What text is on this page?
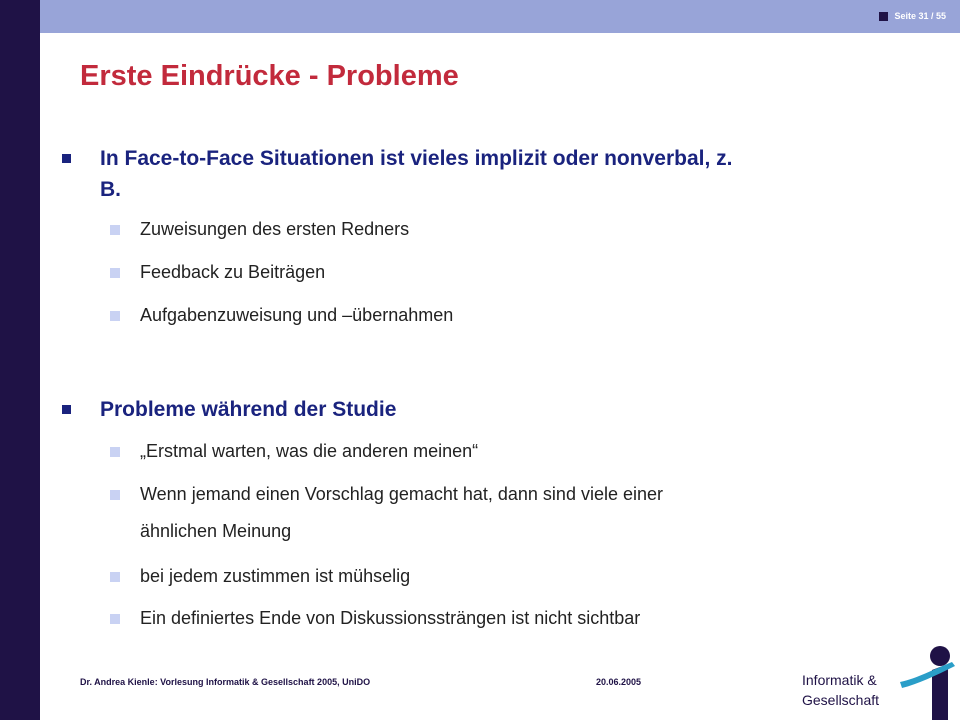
Seite 31 / 55
Erste Eindrücke - Probleme
In Face-to-Face Situationen ist vieles implizit oder nonverbal, z.
B.
Zuweisungen des ersten Redners
Feedback zu Beiträgen
Aufgabenzuweisung und –übernahmen
Probleme während der Studie
„Erstmal warten, was die anderen meinen“
Wenn jemand einen Vorschlag gemacht hat, dann sind viele einer
ähnlichen Meinung
bei jedem zustimmen ist mühselig
Ein definiertes Ende von Diskussionssträngen ist nicht sichtbar
Dr. Andrea Kienle: Vorlesung Informatik & Gesellschaft 2005, UniDO	20.06.2005	Informatik &
Gesellschaft
